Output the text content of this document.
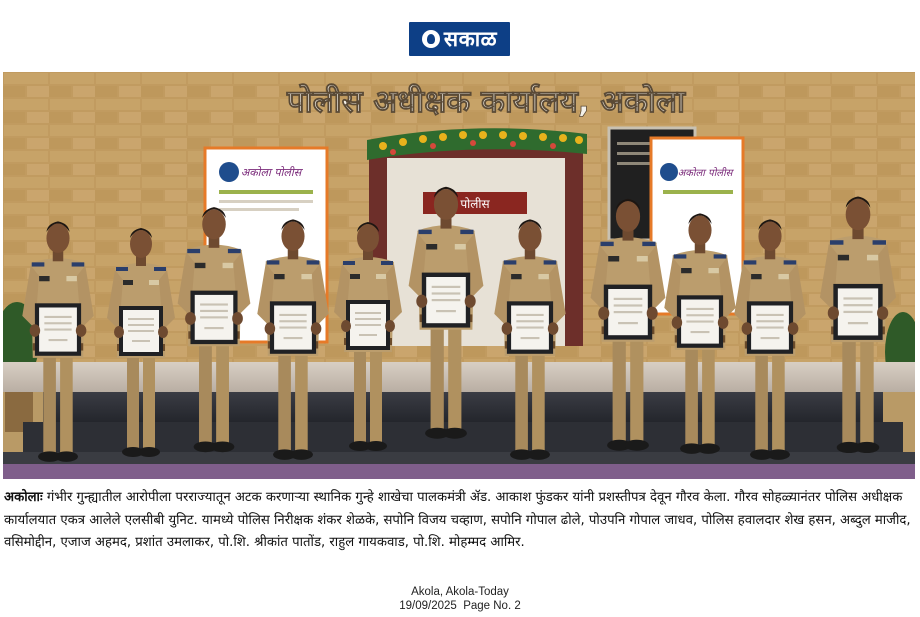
सकाळ
पोलीस अधीक्षक कार्यालय, अकोला
पोलीस
अकोला पोलीस	अकोला पोलीस
अकोलाः गंभीर गुन्ह्यातील आरोपीला परराज्यातून अटक करणाऱ्या स्थानिक गुन्हे शाखेचा पालकमंत्री ॲड. आकाश फुंडकर यांनी प्रशस्तीपत्र देवून गौरव केला. गौरव सोहळ्यानंतर पोलिस अधीक्षक कार्यालयात एकत्र आलेले एलसीबी युनिट. यामध्ये पोलिस निरीक्षक शंकर शेळके, सपोनि विजय चव्हाण, सपोनि गोपाल ढोले, पोउपनि गोपाल जाधव, पोलिस हवालदार शेख हसन, अब्दुल माजीद, वसिमोद्दीन, एजाज अहमद, प्रशांत उमलाकर, पो.शि. श्रीकांत पातोंड, राहुल गायकवाड, पो.शि. मोहम्मद आमिर.
Akola, Akola-Today
19/09/2025  Page No. 2
